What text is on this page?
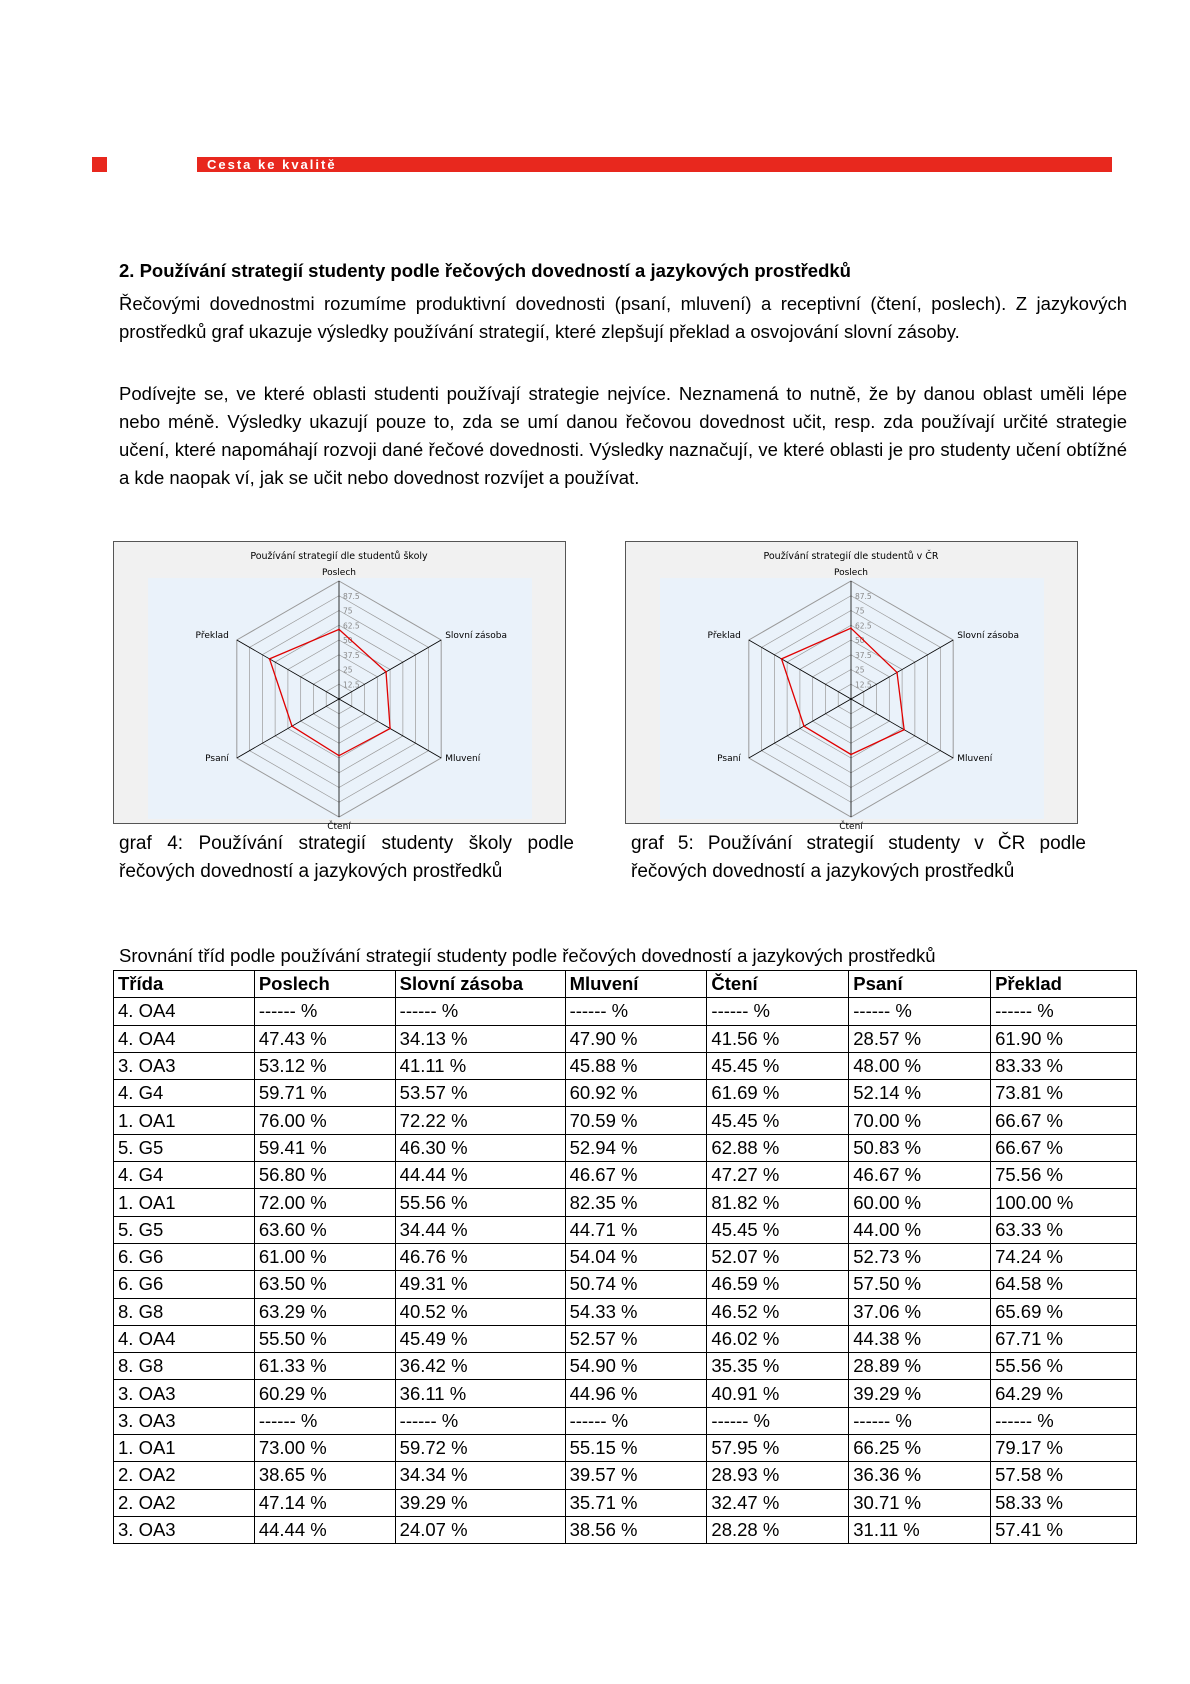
Cesta ke kvalitě
2. Používání strategií studenty podle řečových dovedností a jazykových prostředků
Řečovými dovednostmi rozumíme produktivní dovednosti (psaní, mluvení) a receptivní (čtení, poslech). Z jazykových prostředků graf ukazuje výsledky používání strategií, které zlepšují překlad a osvojování slovní zásoby.
Podívejte se, ve které oblasti studenti používají strategie nejvíce. Neznamená to nutně, že by danou oblast uměli lépe nebo méně. Výsledky ukazují pouze to, zda se umí danou řečovou dovednost učit, resp. zda používají určité strategie učení, které napomáhají rozvoji dané řečové dovednosti. Výsledky naznačují, ve které oblasti je pro studenty učení obtížné a kde naopak ví, jak se učit nebo dovednost rozvíjet a používat.
Používání strategií dle studentů školy
12.5
25
37.5
50
62.5
75
87.5
Poslech
Slovní zásoba
Mluvení
Čtení
Psaní
Překlad
Používání strategií dle studentů v ČR
12.5
25
37.5
50
62.5
75
87.5
Poslech
Slovní zásoba
Mluvení
Čtení
Psaní
Překlad
graf 4: Používání strategií studenty školy podle řečových dovedností a jazykových prostředků
graf 5: Používání strategií studenty v ČR podle řečových dovedností a jazykových prostředků
Srovnání tříd podle používání strategií studenty podle řečových dovedností a jazykových prostředků
Třída	Poslech	Slovní zásoba	Mluvení	Čtení	Psaní	Překlad
4. OA4	------ %	------ %	------ %	------ %	------ %	------ %
4. OA4	47.43 %	34.13 %	47.90 %	41.56 %	28.57 %	61.90 %
3. OA3	53.12 %	41.11 %	45.88 %	45.45 %	48.00 %	83.33 %
4. G4	59.71 %	53.57 %	60.92 %	61.69 %	52.14 %	73.81 %
1. OA1	76.00 %	72.22 %	70.59 %	45.45 %	70.00 %	66.67 %
5. G5	59.41 %	46.30 %	52.94 %	62.88 %	50.83 %	66.67 %
4. G4	56.80 %	44.44 %	46.67 %	47.27 %	46.67 %	75.56 %
1. OA1	72.00 %	55.56 %	82.35 %	81.82 %	60.00 %	100.00 %
5. G5	63.60 %	34.44 %	44.71 %	45.45 %	44.00 %	63.33 %
6. G6	61.00 %	46.76 %	54.04 %	52.07 %	52.73 %	74.24 %
6. G6	63.50 %	49.31 %	50.74 %	46.59 %	57.50 %	64.58 %
8. G8	63.29 %	40.52 %	54.33 %	46.52 %	37.06 %	65.69 %
4. OA4	55.50 %	45.49 %	52.57 %	46.02 %	44.38 %	67.71 %
8. G8	61.33 %	36.42 %	54.90 %	35.35 %	28.89 %	55.56 %
3. OA3	60.29 %	36.11 %	44.96 %	40.91 %	39.29 %	64.29 %
3. OA3	------ %	------ %	------ %	------ %	------ %	------ %
1. OA1	73.00 %	59.72 %	55.15 %	57.95 %	66.25 %	79.17 %
2. OA2	38.65 %	34.34 %	39.57 %	28.93 %	36.36 %	57.58 %
2. OA2	47.14 %	39.29 %	35.71 %	32.47 %	30.71 %	58.33 %
3. OA3	44.44 %	24.07 %	38.56 %	28.28 %	31.11 %	57.41 %
